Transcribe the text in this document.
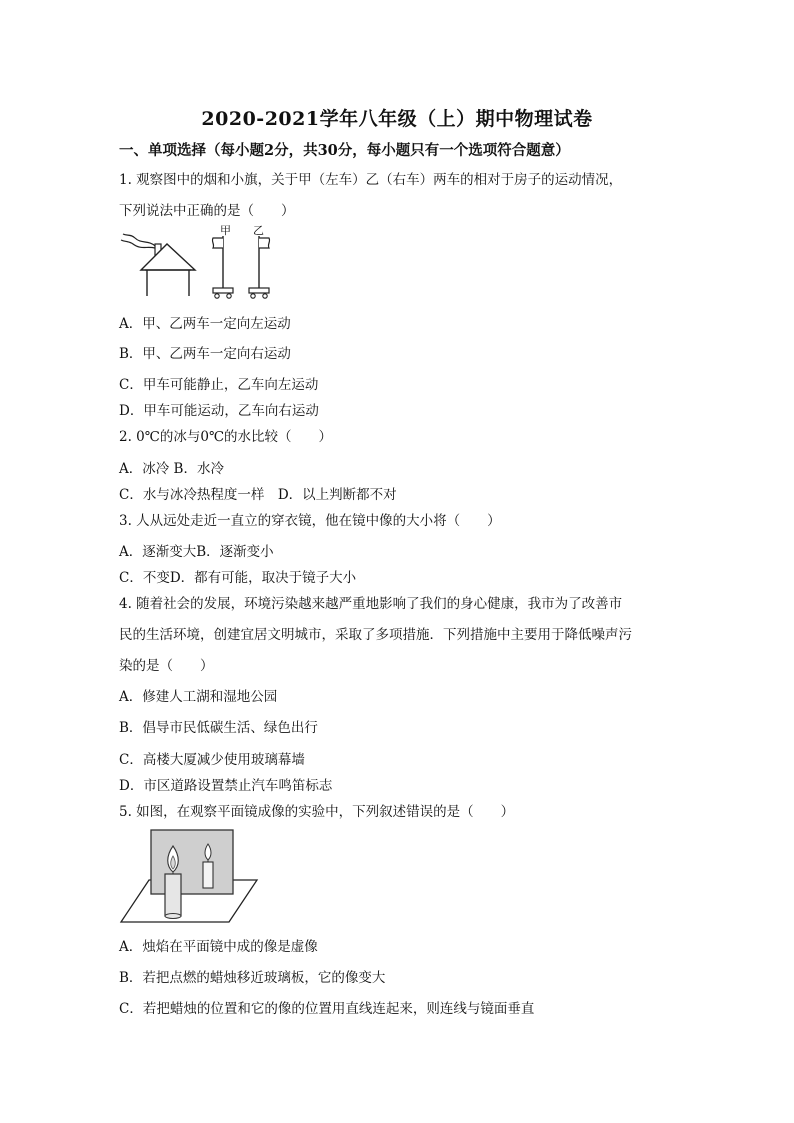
2020-2021学年八年级（上）期中物理试卷
一、单项选择（每小题2分，共30分，每小题只有一个选项符合题意）
1. 观察图中的烟和小旗，关于甲（左车）乙（右车）两车的相对于房子的运动情况，
下列说法中正确的是（　　）
甲 乙
A．甲、乙两车一定向左运动
B．甲、乙两车一定向右运动
C．甲车可能静止，乙车向左运动
D．甲车可能运动，乙车向右运动
2. 0℃的冰与0℃的水比较（　　）
A．冰冷 B．水冷
C．水与冰冷热程度一样　D．以上判断都不对
3. 人从远处走近一直立的穿衣镜，他在镜中像的大小将（　　）
A．逐渐变大B．逐渐变小
C．不变D．都有可能，取决于镜子大小
4. 随着社会的发展，环境污染越来越严重地影响了我们的身心健康，我市为了改善市
民的生活环境，创建宜居文明城市，采取了多项措施．下列措施中主要用于降低噪声污
染的是（　　）
A．修建人工湖和湿地公园
B．倡导市民低碳生活、绿色出行
C．高楼大厦减少使用玻璃幕墙
D．市区道路设置禁止汽车鸣笛标志
5. 如图，在观察平面镜成像的实验中，下列叙述错误的是（　　）
A．烛焰在平面镜中成的像是虚像
B．若把点燃的蜡烛移近玻璃板，它的像变大
C．若把蜡烛的位置和它的像的位置用直线连起来，则连线与镜面垂直
